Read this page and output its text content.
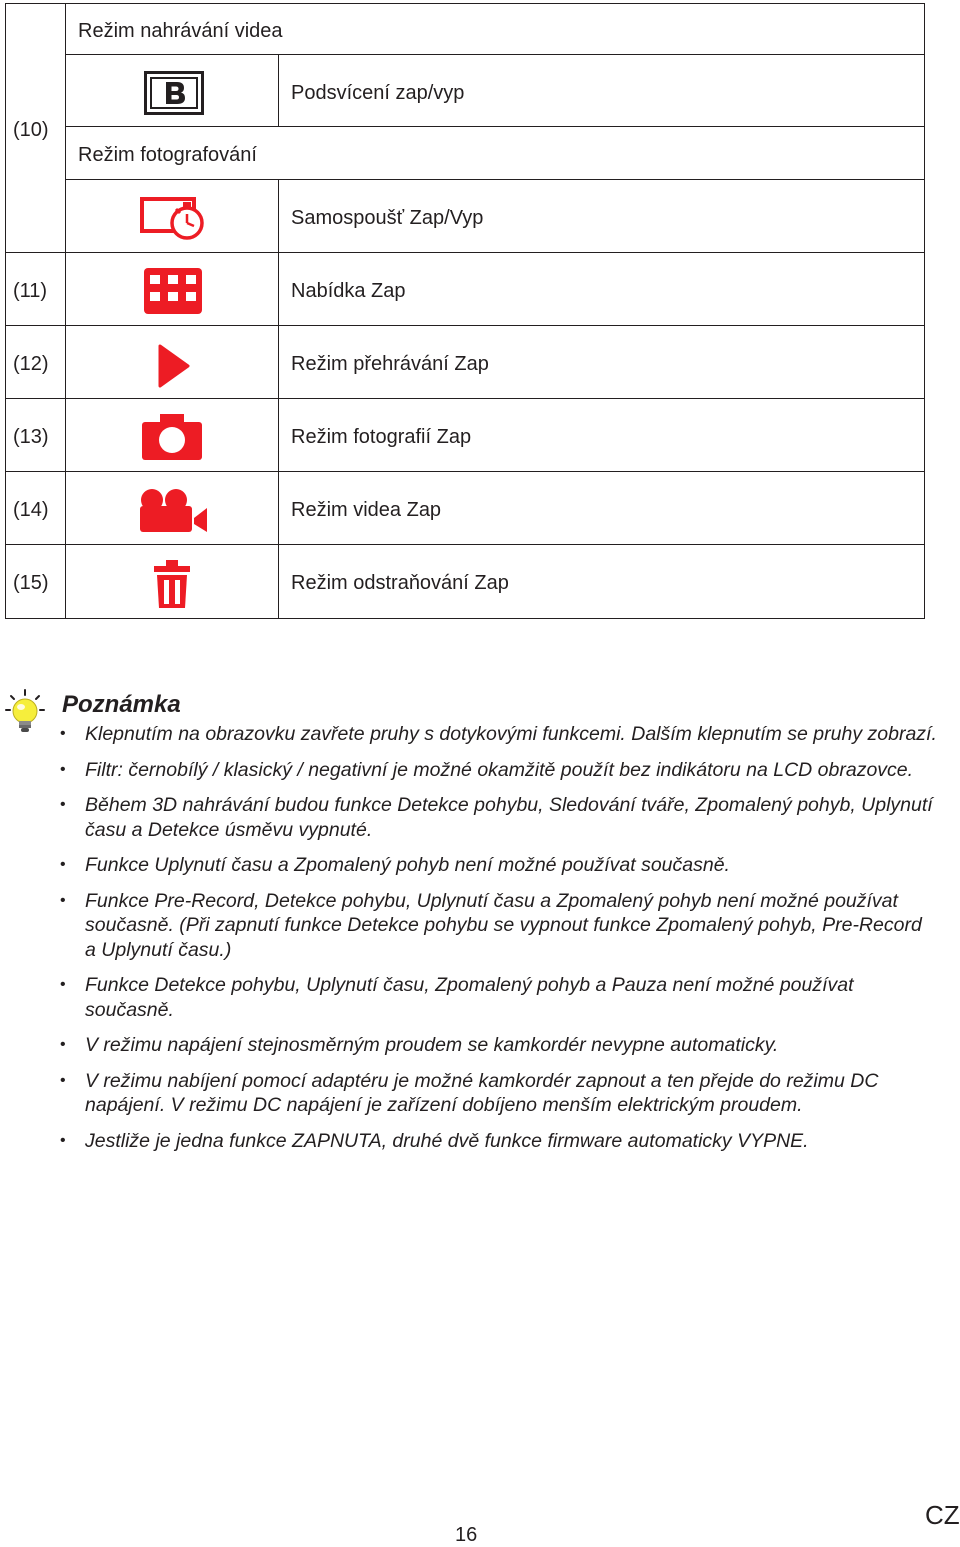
(10)
(11)
(12)
(13)
(14)
(15)
Režim nahrávání videa
Režim fotografování
Podsvícení zap/vyp
Samospoušť Zap/Vyp
Nabídka Zap
Režim přehrávání Zap
Režim fotografií Zap
Režim videa Zap
Režim odstraňování Zap
Poznámka
• Klepnutím na obrazovku zavřete pruhy s dotykovými funkcemi. Dalším klepnutím se pruhy zobrazí.
• Filtr: černobílý / klasický / negativní je možné okamžitě použít bez indikátoru na LCD obrazovce.
• Během 3D nahrávání budou funkce Detekce pohybu, Sledování tváře, Zpomalený pohyb, Uplynutí času a Detekce úsměvu vypnuté.
• Funkce Uplynutí času a Zpomalený pohyb není možné používat současně.
• Funkce Pre-Record, Detekce pohybu, Uplynutí času a Zpomalený pohyb není možné používat současně. (Při zapnutí funkce Detekce pohybu se vypnout funkce Zpomalený pohyb, Pre-Record a Uplynutí času.)
• Funkce Detekce pohybu, Uplynutí času, Zpomalený pohyb a Pauza není možné používat současně.
• V režimu napájení stejnosměrným proudem se kamkordér nevypne automaticky.
• V režimu nabíjení pomocí adaptéru je možné kamkordér zapnout a ten přejde do režimu DC napájení. V režimu DC napájení je zařízení dobíjeno menším elektrickým proudem.
• Jestliže je jedna funkce ZAPNUTA, druhé dvě funkce firmware automaticky VYPNE.
16
CZ
